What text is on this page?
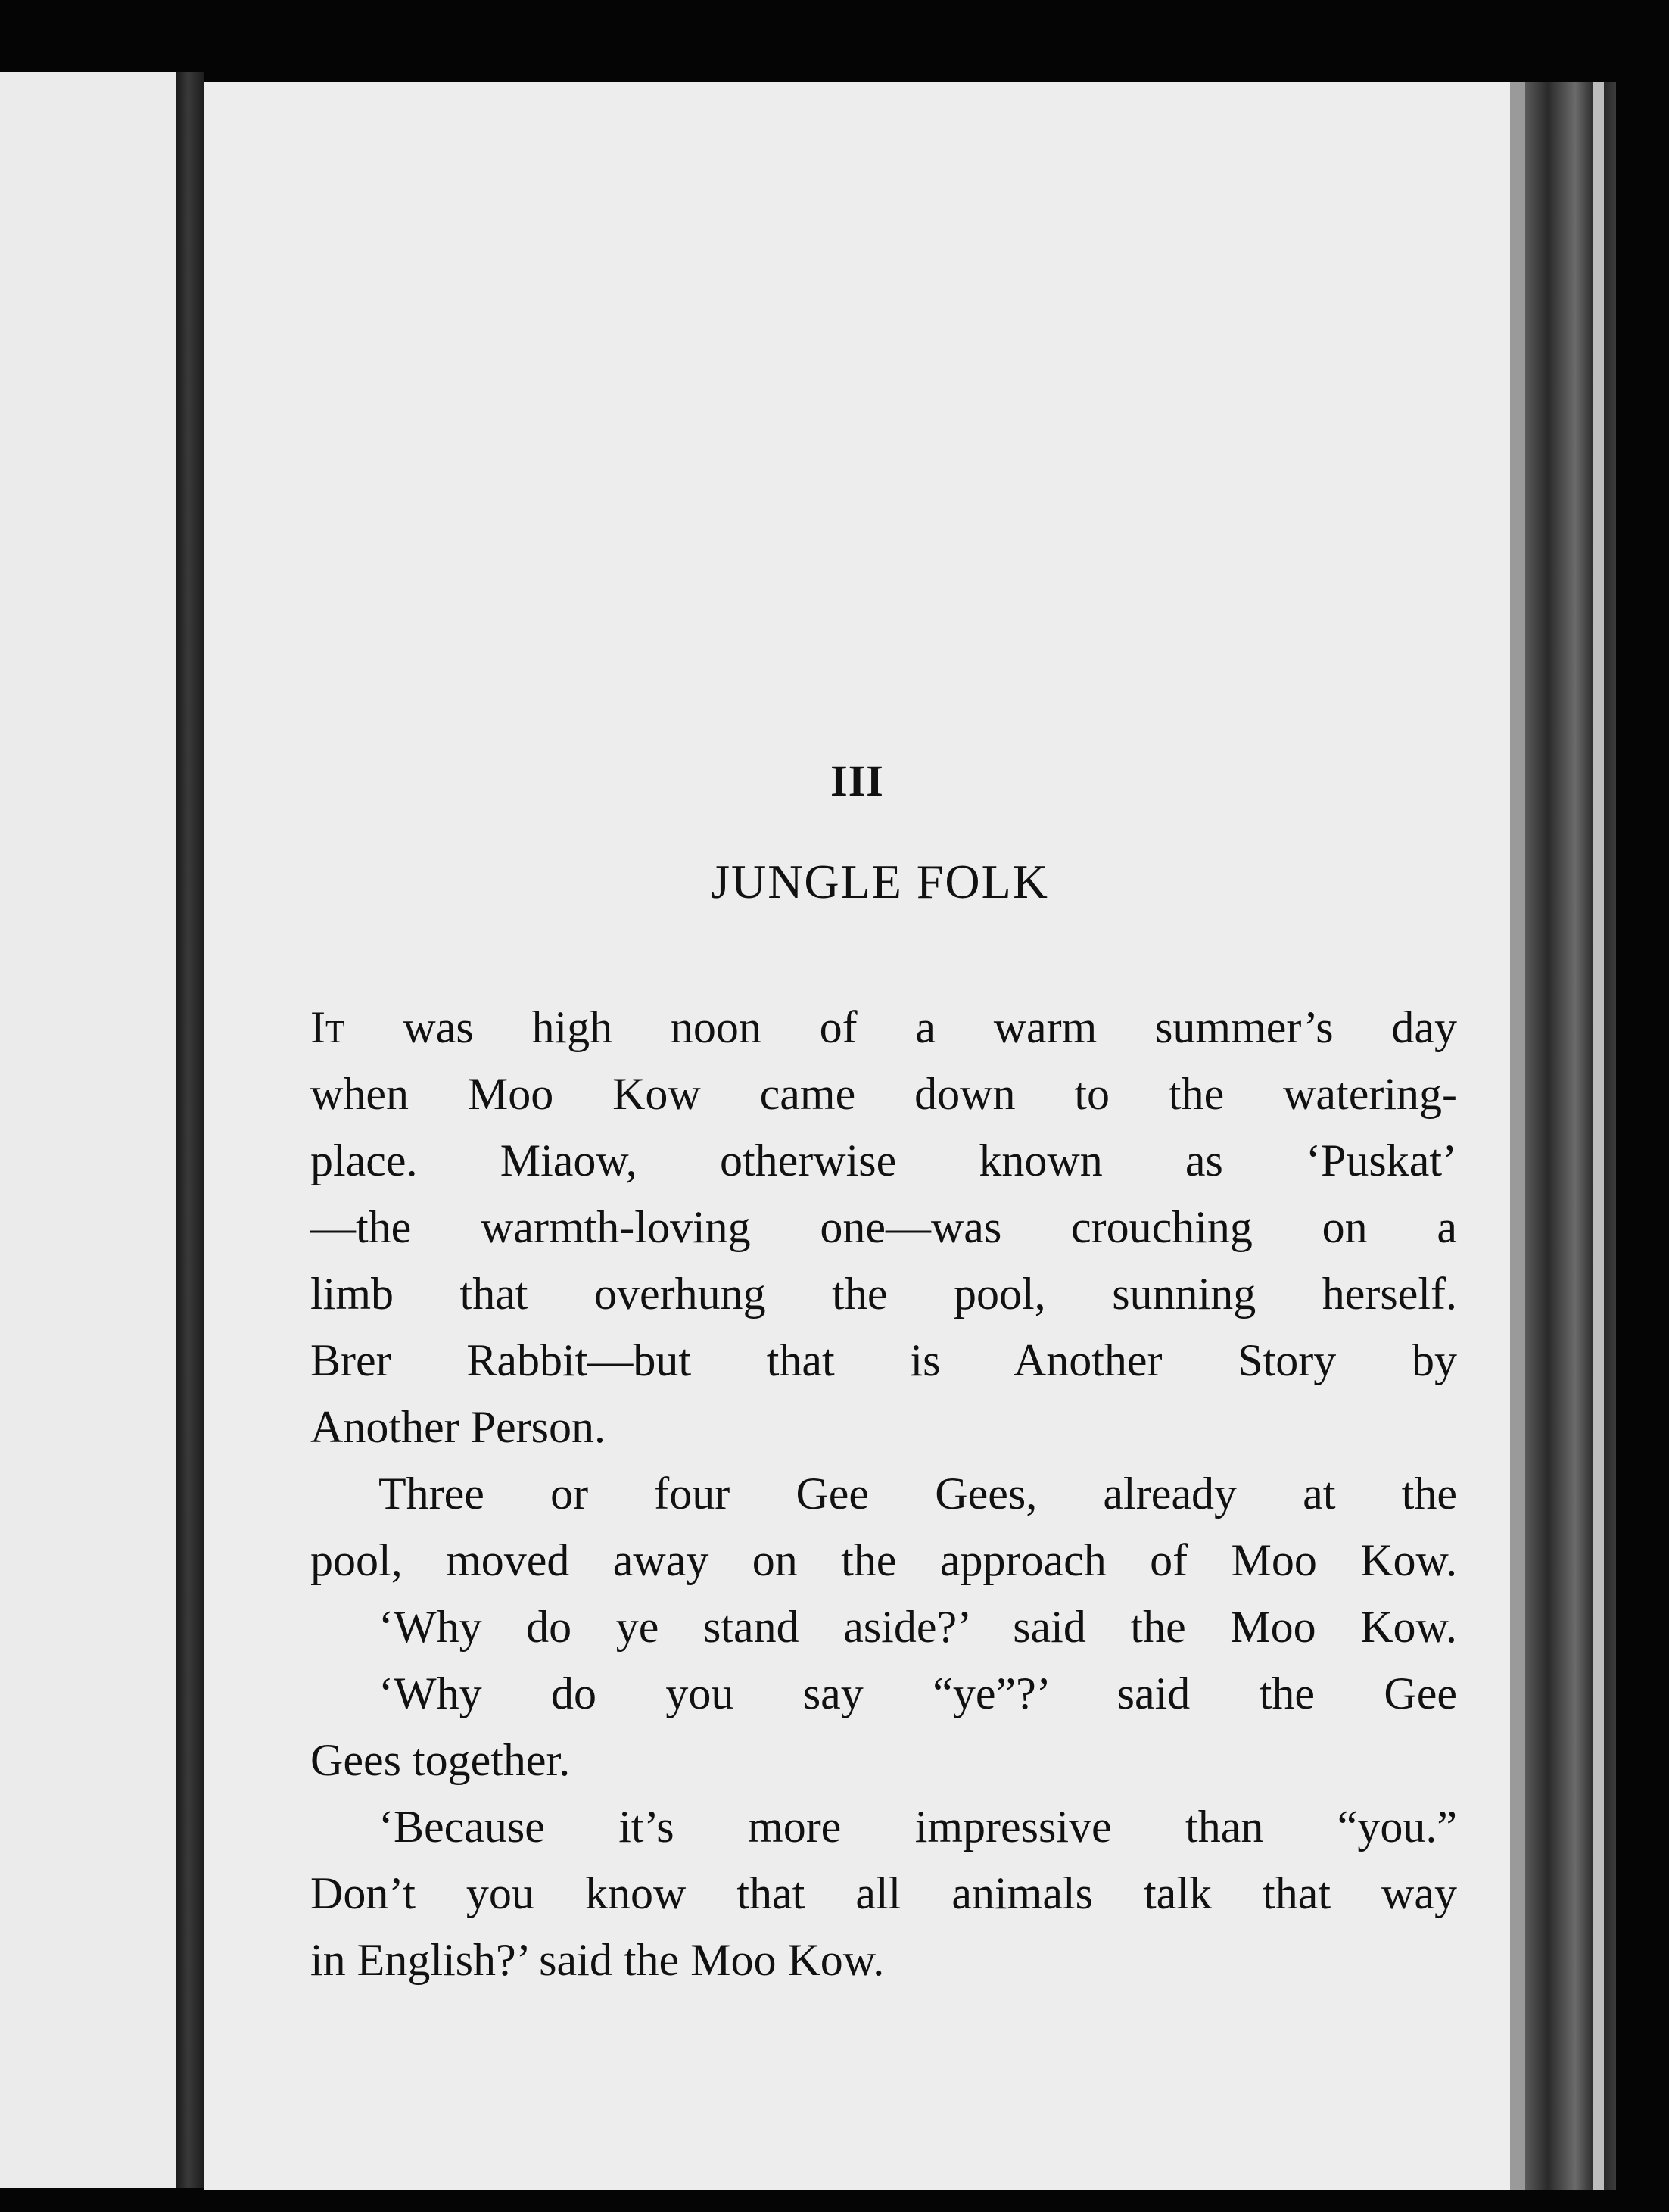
III
JUNGLE FOLK
It was high noon of a warm summer’s day
when Moo Kow came down to the watering-
place. Miaow, otherwise known as ‘Puskat’
—the warmth-loving one—was crouching on a
limb that overhung the pool, sunning herself.
Brer Rabbit—but that is Another Story by
Another Person.
Three or four Gee Gees, already at the
pool, moved away on the approach of Moo Kow.
‘Why do ye stand aside?’ said the Moo Kow.
‘Why do you say “ye”?’ said the Gee
Gees together.
‘Because it’s more impressive than “you.”
Don’t you know that all animals talk that way
in English?’ said the Moo Kow.
